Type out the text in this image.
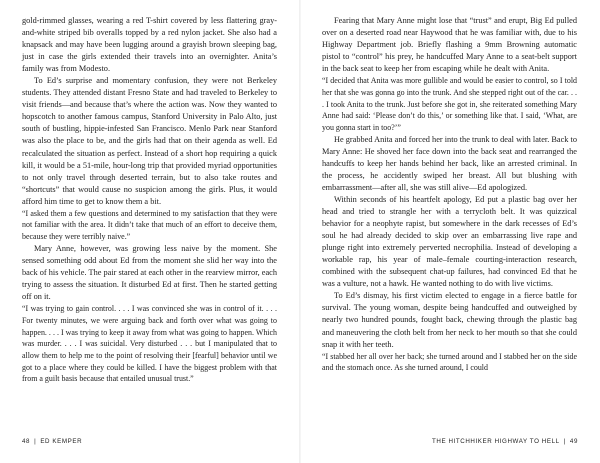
gold-rimmed glasses, wearing a red T-shirt covered by less flattering gray-and-white striped bib overalls topped by a red nylon jacket. She also had a knapsack and may have been lugging around a grayish brown sleeping bag, just in case the girls extended their travels into an overnighter. Anita’s family was from Modesto.

To Ed’s surprise and momentary confusion, they were not Berkeley students. They attended distant Fresno State and had traveled to Berkeley to visit friends—and because that’s where the action was. Now they wanted to hopscotch to another famous campus, Stanford University in Palo Alto, just south of bustling, hippie-infested San Francisco. Menlo Park near Stanford was also the place to be, and the girls had that on their agenda as well. Ed recalculated the situation as perfect. Instead of a short hop requiring a quick kill, it would be a 51-mile, hour-long trip that provided myriad opportunities to not only travel through deserted terrain, but to also take routes and “shortcuts” that would cause no suspicion among the girls. Plus, it would afford him time to get to know them a bit.

“I asked them a few questions and determined to my satisfaction that they were not familiar with the area. It didn’t take that much of an effort to deceive them, because they were terribly naive.”

Mary Anne, however, was growing less naive by the moment. She sensed something odd about Ed from the moment she slid her way into the back of his vehicle. The pair stared at each other in the rearview mirror, each trying to assess the situation. It disturbed Ed at first. Then he started getting off on it.

“I was trying to gain control. . . . I was convinced she was in control of it. . . . For twenty minutes, we were arguing back and forth over what was going to happen. . . . I was trying to keep it away from what was going to happen. Which was murder. . . . I was suicidal. Very disturbed . . . but I manipulated that to allow them to help me to the point of resolving their [fearful] behavior until we got to a place where they could be killed. I have the biggest problem with that from a guilt basis because that entailed unusual trust.”

Fearing that Mary Anne might lose that “trust” and erupt, Big Ed pulled over on a deserted road near Haywood that he was familiar with, due to his Highway Department job. Briefly flashing a 9mm Browning automatic pistol to “control” his prey, he handcuffed Mary Anne to a seat-belt support in the back seat to keep her from escaping while he dealt with Anita.

“I decided that Anita was more gullible and would be easier to control, so I told her that she was gonna go into the trunk. And she stepped right out of the car. . . . I took Anita to the trunk. Just before she got in, she reiterated something Mary Anne had said: ‘Please don’t do this,’ or something like that. I said, ‘What, are you gonna start in too?’”

He grabbed Anita and forced her into the trunk to deal with later. Back to Mary Anne: He shoved her face down into the back seat and rearranged the handcuffs to keep her hands behind her back, like an arrested criminal. In the process, he accidently swiped her breast. All but blushing with embarrassment—after all, she was still alive—Ed apologized.

Within seconds of his heartfelt apology, Ed put a plastic bag over her head and tried to strangle her with a terrycloth belt. It was quizzical behavior for a neophyte rapist, but somewhere in the dark recesses of Ed’s soul he had already decided to skip over an embarrassing live rape and plunge right into extremely perverted necrophilia. Instead of developing a workable rap, his year of male–female courting-interaction research, combined with the subsequent chat-up failures, had convinced Ed that he was a vulture, not a hawk. He wanted nothing to do with live victims.

To Ed’s dismay, his first victim elected to engage in a fierce battle for survival. The young woman, despite being handcuffed and outweighed by nearly two hundred pounds, fought back, chewing through the plastic bag and maneuvering the cloth belt from her neck to her mouth so that she could snap it with her teeth.

“I stabbed her all over her back; she turned around and I stabbed her on the side and the stomach once. As she turned around, I could

48 | ED KEMPER	THE HITCHHIKER HIGHWAY TO HELL | 49
